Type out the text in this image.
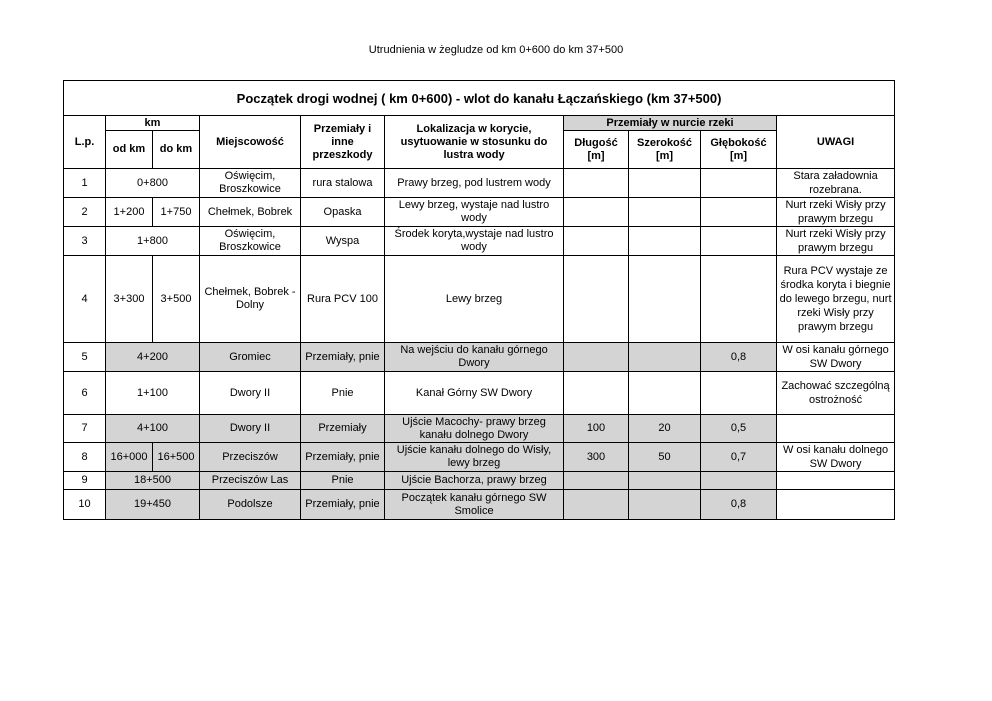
Utrudnienia w żegludze od km 0+600 do km 37+500
Początek drogi wodnej ( km 0+600) - wlot do kanału Łączańskiego (km 37+500)									
L.p.	km		Miejscowość	Przemiały i inne przeszkody	Lokalizacja w korycie, usytuowanie w stosunku do lustra wody	Przemiały w nurcie rzeki			UWAGI
	od km	do km				Długość [m]	Szerokość [m]	Głębokość [m]	
1	0+800		Oświęcim, Broszkowice	rura stalowa	Prawy brzeg, pod lustrem wody				Stara załadownia rozebrana.
2	1+200	1+750	Chełmek, Bobrek	Opaska	Lewy brzeg, wystaje nad lustro wody				Nurt rzeki Wisły przy prawym brzegu
3	1+800		Oświęcim, Broszkowice	Wyspa	Środek koryta,wystaje nad lustro wody				Nurt rzeki Wisły przy prawym brzegu
4	3+300	3+500	Chełmek, Bobrek - Dolny	Rura PCV 100	Lewy brzeg				Rura PCV wystaje ze środka koryta i biegnie do lewego brzegu, nurt rzeki Wisły przy prawym brzegu
5	4+200		Gromiec	Przemiały, pnie	Na wejściu do kanału górnego Dwory			0,8	W osi kanału górnego SW Dwory
6	1+100		Dwory II	Pnie	Kanał Górny SW Dwory				Zachować szczególną ostrożność
7	4+100		Dwory II	Przemiały	Ujście Macochy- prawy brzeg kanału dolnego Dwory	100	20	0,5	
8	16+000	16+500	Przeciszów	Przemiały, pnie	Ujście kanału dolnego do Wisły, lewy brzeg	300	50	0,7	W osi kanału dolnego SW Dwory
9	18+500		Przeciszów Las	Pnie	Ujście Bachorza, prawy brzeg				
10	19+450		Podolsze	Przemiały, pnie	Początek kanału górnego SW Smolice			0,8	
